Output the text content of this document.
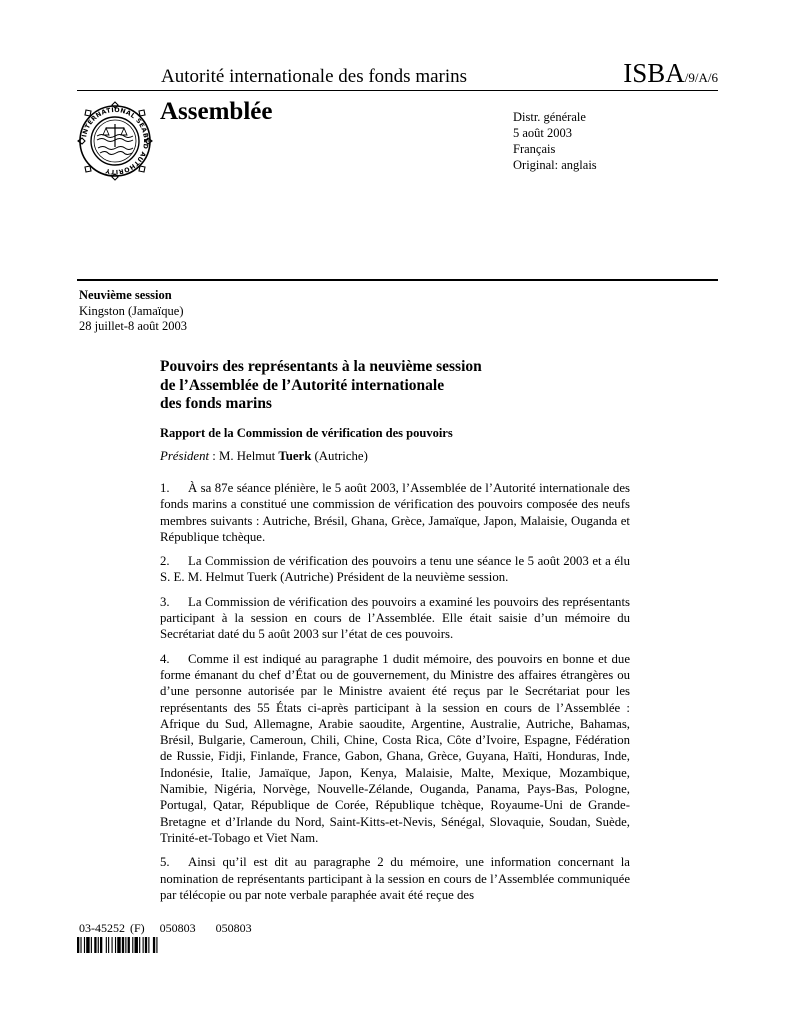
Autorité internationale des fonds marins	ISBA/9/A/6
INTERNATIONAL SEABED AUTHORITY
Assemblée	Distr. générale
5 août 2003
Français
Original: anglais
Neuvième session
Kingston (Jamaïque)
28 juillet-8 août 2003
Pouvoirs des représentants à la neuvième session
de l’Assemblée de l’Autorité internationale
des fonds marins
Rapport de la Commission de vérification des pouvoirs
Président : M. Helmut Tuerk (Autriche)

1. À sa 87e séance plénière, le 5 août 2003, l’Assemblée de l’Autorité internationale des fonds marins a constitué une commission de vérification des pouvoirs composée des neufs membres suivants : Autriche, Brésil, Ghana, Grèce, Jamaïque, Japon, Malaisie, Ouganda et République tchèque.

2. La Commission de vérification des pouvoirs a tenu une séance le 5 août 2003 et a élu S. E. M. Helmut Tuerk (Autriche) Président de la neuvième session.

3. La Commission de vérification des pouvoirs a examiné les pouvoirs des représentants participant à la session en cours de l’Assemblée. Elle était saisie d’un mémoire du Secrétariat daté du 5 août 2003 sur l’état de ces pouvoirs.

4. Comme il est indiqué au paragraphe 1 dudit mémoire, des pouvoirs en bonne et due forme émanant du chef d’État ou de gouvernement, du Ministre des affaires étrangères ou d’une personne autorisée par le Ministre avaient été reçus par le Secrétariat pour les représentants des 55 États ci-après participant à la session en cours de l’Assemblée : Afrique du Sud, Allemagne, Arabie saoudite, Argentine, Australie, Autriche, Bahamas, Brésil, Bulgarie, Cameroun, Chili, Chine, Costa Rica, Côte d’Ivoire, Espagne, Fédération de Russie, Fidji, Finlande, France, Gabon, Ghana, Grèce, Guyana, Haïti, Honduras, Inde, Indonésie, Italie, Jamaïque, Japon, Kenya, Malaisie, Malte, Mexique, Mozambique, Namibie, Nigéria, Norvège, Nouvelle-Zélande, Ouganda, Panama, Pays-Bas, Pologne, Portugal, Qatar, République de Corée, République tchèque, Royaume-Uni de Grande-Bretagne et d’Irlande du Nord, Saint-Kitts-et-Nevis, Sénégal, Slovaquie, Soudan, Suède, Trinité-et-Tobago et Viet Nam.

5. Ainsi qu’il est dit au paragraphe 2 du mémoire, une information concernant la nomination de représentants participant à la session en cours de l’Assemblée communiquée par télécopie ou par note verbale paraphée avait été reçue des

03-45252 (F) 050803 050803
